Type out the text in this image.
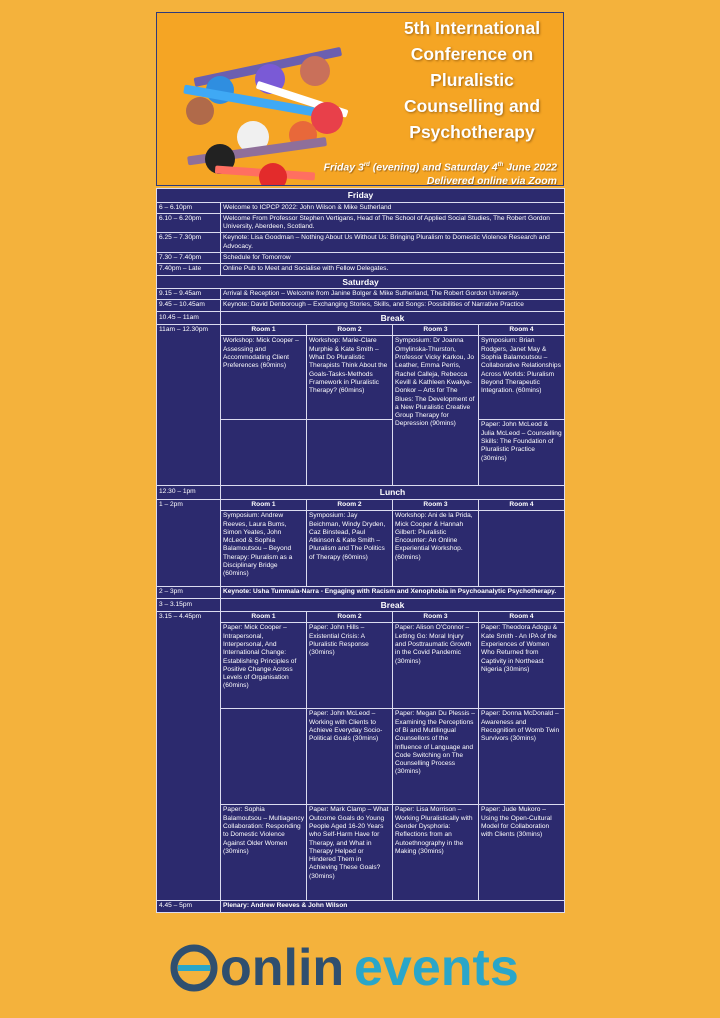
5th International
Conference on
Pluralistic
Counselling and
Psychotherapy
Friday 3rd (evening) and Saturday 4th June 2022
Delivered online via Zoom
Friday				
6 – 6.10pm	Welcome to ICPCP 2022: John Wilson & Mike Sutherland			
6.10 – 6.20pm	Welcome From Professor Stephen Vertigans, Head of The School of Applied Social Studies, The Robert Gordon University, Aberdeen, Scotland.			
6.25 – 7.30pm	Keynote: Lisa Goodman – Nothing About Us Without Us: Bringing Pluralism to Domestic Violence Research and Advocacy.			
7.30 – 7.40pm	Schedule for Tomorrow			
7.40pm – Late	Online Pub to Meet and Socialise with Fellow Delegates.			
Saturday				
9.15 – 9.45am	Arrival & Reception – Welcome from Janine Bolger & Mike Sutherland, The Robert Gordon University.			
9.45 – 10.45am	Keynote: David Denborough – Exchanging Stories, Skills, and Songs: Possibilities of Narrative Practice			
10.45 – 11am	Break			
11am – 12.30pm	Room 1	Room 2	Room 3	Room 4
	Workshop: Mick Cooper – Assessing and Accommodating Client Preferences (60mins)	Workshop: Marie-Clare Murphie & Kate Smith – What Do Pluralistic Therapists Think About the Goals-Tasks-Methods Framework in Pluralistic Therapy? (60mins)	Symposium: Dr Joanna Omylinska-Thurston, Professor Vicky Karkou, Jo Leather, Emma Perris, Rachel Calleja, Rebecca Kevill & Kathleen Kwakye-Donkor – Arts for The Blues: The Development of a New Pluralistic Creative Group Therapy for Depression (90mins)	Symposium: Brian Rodgers, Janet May & Sophia Balamoutsou – Collaborative Relationships Across Worlds: Pluralism Beyond Therapeutic Integration. (60mins)
				Paper: John McLeod & Julia McLeod – Counselling Skills: The Foundation of Pluralistic Practice (30mins)
12.30 – 1pm	Lunch			
1 – 2pm	Room 1	Room 2	Room 3	Room 4
	Symposium: Andrew Reeves, Laura Bums, Simon Yeates, John McLeod & Sophia Balamoutsou – Beyond Therapy: Pluralism as a Disciplinary Bridge (60mins)	Symposium: Jay Beichman, Windy Dryden, Caz Binstead, Paul Atkinson & Kate Smith – Pluralism and The Politics of Therapy (60mins)	Workshop: Ani de la Prida, Mick Cooper & Hannah Gilbert: Pluralistic Encounter: An Online Experiential Workshop. (60mins)	
2 – 3pm	Keynote: Usha Tummala-Narra - Engaging with Racism and Xenophobia in Psychoanalytic Psychotherapy.			
3 – 3.15pm	Break			
3.15 – 4.45pm	Room 1	Room 2	Room 3	Room 4
	Paper: Mick Cooper – Intrapersonal, Interpersonal, And International Change: Establishing Principles of Positive Change Across Levels of Organisation (60mins)	Paper: John Hills – Existential Crisis: A Pluralistic Response (30mins)	Paper: Alison O'Connor – Letting Go: Moral Injury and Posttraumatic Growth in the Covid Pandemic (30mins)	Paper: Theodora Adogu & Kate Smith - An IPA of the Experiences of Women Who Returned from Captivity in Northeast Nigeria (30mins)
		Paper: John McLeod – Working with Clients to Achieve Everyday Socio-Political Goals (30mins)	Paper: Megan Du Plessis – Examining the Perceptions of Bi and Multilingual Counsellors of the Influence of Language and Code Switching on The Counselling Process (30mins)	Paper: Donna McDonald – Awareness and Recognition of Womb Twin Survivors (30mins)
	Paper: Sophia Balamoutsou – Multiagency Collaboration: Responding to Domestic Violence Against Older Women (30mins)	Paper: Mark Clamp – What Outcome Goals do Young People Aged 16-20 Years who Self-Harm Have for Therapy, and What in Therapy Helped or Hindered Them in Achieving These Goals? (30mins)	Paper: Lisa Morrison – Working Pluralistically with Gender Dysphoria: Reflections from an Autoethnography in the Making (30mins)	Paper: Jude Mukoro – Using the Open-Cultural Model for Collaboration with Clients (30mins)
4.45 – 5pm	Plenary: Andrew Reeves & John Wilson			
onlin events
